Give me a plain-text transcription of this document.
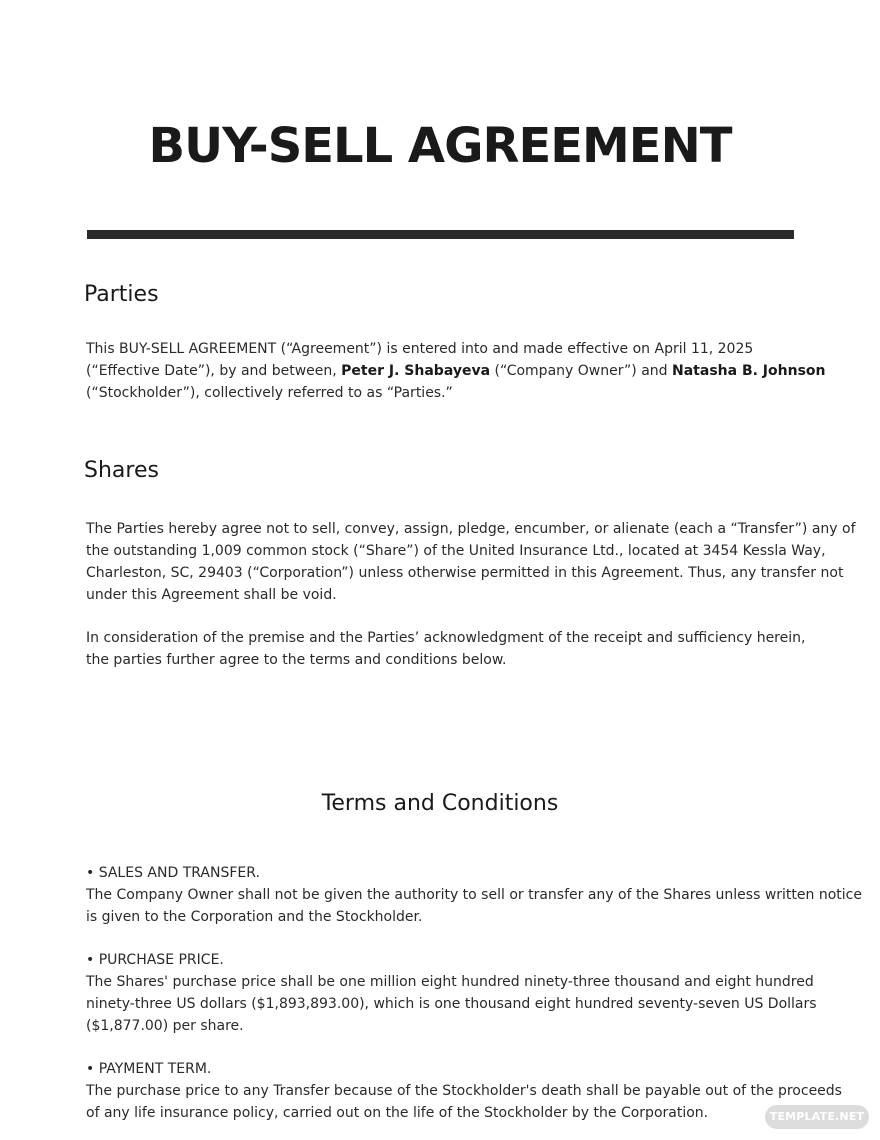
BUY-SELL AGREEMENT
Parties

This BUY-SELL AGREEMENT (“Agreement”) is entered into and made effective on April 11, 2025
(“Effective Date”), by and between, Peter J. Shabayeva (“Company Owner”) and Natasha B. Johnson
(“Stockholder”), collectively referred to as “Parties.”

Shares

The Parties hereby agree not to sell, convey, assign, pledge, encumber, or alienate (each a “Transfer”) any of
the outstanding 1,009 common stock (“Share”) of the United Insurance Ltd., located at 3454 Kessla Way,
Charleston, SC, 29403 (“Corporation”) unless otherwise permitted in this Agreement. Thus, any transfer not
under this Agreement shall be void.

In consideration of the premise and the Parties’ acknowledgment of the receipt and sufficiency herein,
the parties further agree to the terms and conditions below.

Terms and Conditions

• SALES AND TRANSFER.
The Company Owner shall not be given the authority to sell or transfer any of the Shares unless written notice
is given to the Corporation and the Stockholder.

• PURCHASE PRICE.
The Shares' purchase price shall be one million eight hundred ninety-three thousand and eight hundred
ninety-three US dollars ($1,893,893.00), which is one thousand eight hundred seventy-seven US Dollars
($1,877.00) per share.

• PAYMENT TERM.
The purchase price to any Transfer because of the Stockholder's death shall be payable out of the proceeds
of any life insurance policy, carried out on the life of the Stockholder by the Corporation.	TEMPLATE.NET
